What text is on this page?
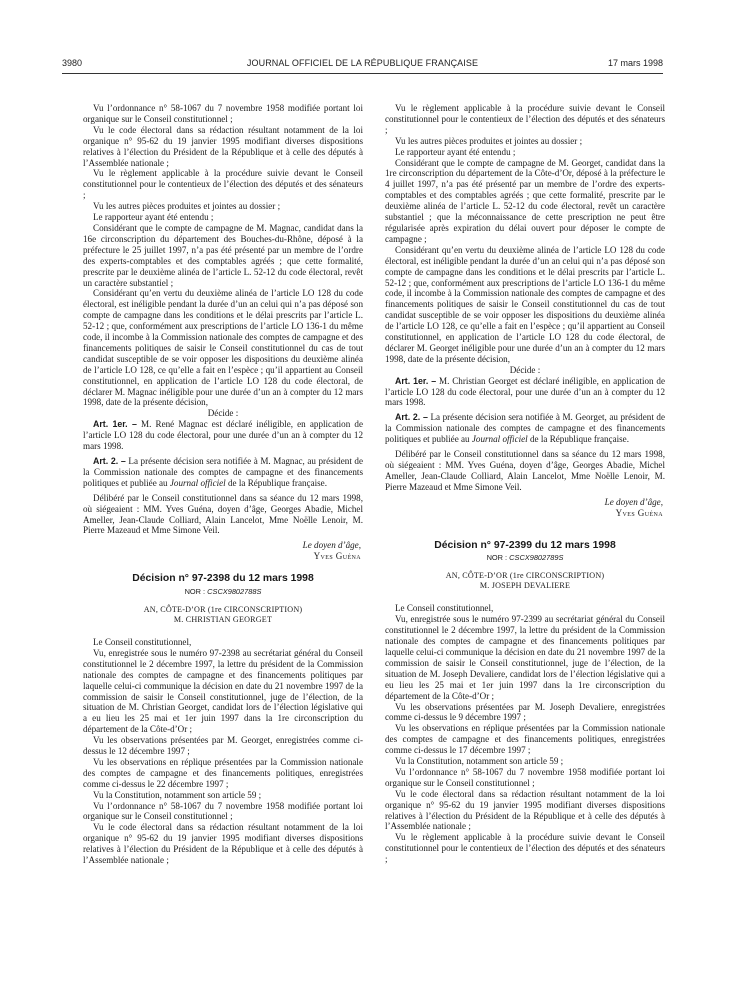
3980	JOURNAL OFFICIEL DE LA RÉPUBLIQUE FRANÇAISE	17 mars 1998

Vu l’ordonnance n° 58-1067 du 7 novembre 1958 modifiée portant loi organique sur le Conseil constitutionnel ;

Vu le code électoral dans sa rédaction résultant notamment de la loi organique n° 95-62 du 19 janvier 1995 modifiant diverses dispositions relatives à l’élection du Président de la République et à celle des députés à l’Assemblée nationale ;

Vu le règlement applicable à la procédure suivie devant le Conseil constitutionnel pour le contentieux de l’élection des députés et des sénateurs ;

Vu les autres pièces produites et jointes au dossier ;

Le rapporteur ayant été entendu ;

Considérant que le compte de campagne de M. Magnac, candidat dans la 16e circonscription du département des Bouches-du-Rhône, déposé à la préfecture le 25 juillet 1997, n’a pas été présenté par un membre de l’ordre des experts-comptables et des comptables agréés ; que cette formalité, prescrite par le deuxième alinéa de l’article L. 52-12 du code électoral, revêt un caractère substantiel ;

Considérant qu’en vertu du deuxième alinéa de l’article LO 128 du code électoral, est inéligible pendant la durée d’un an celui qui n’a pas déposé son compte de campagne dans les conditions et le délai prescrits par l’article L. 52-12 ; que, conformément aux prescriptions de l’article LO 136-1 du même code, il incombe à la Commission nationale des comptes de campagne et des financements politiques de saisir le Conseil constitutionnel du cas de tout candidat susceptible de se voir opposer les dispositions du deuxième alinéa de l’article LO 128, ce qu’elle a fait en l’espèce ; qu’il appartient au Conseil constitutionnel, en application de l’article LO 128 du code électoral, de déclarer M. Magnac inéligible pour une durée d’un an à compter du 12 mars 1998, date de la présente décision,

Décide :

Art. 1er. – M. René Magnac est déclaré inéligible, en application de l’article LO 128 du code électoral, pour une durée d’un an à compter du 12 mars 1998.

Art. 2. – La présente décision sera notifiée à M. Magnac, au président de la Commission nationale des comptes de campagne et des financements politiques et publiée au Journal officiel de la République française.

Délibéré par le Conseil constitutionnel dans sa séance du 12 mars 1998, où siégeaient : MM. Yves Guéna, doyen d’âge, Georges Abadie, Michel Ameller, Jean-Claude Colliard, Alain Lancelot, Mme Noëlle Lenoir, M. Pierre Mazeaud et Mme Simone Veil.

Le doyen d’âge,

Yves Guéna

Décision n° 97-2398 du 12 mars 1998
NOR : CSCX9802788S
AN, CÔTE-D’OR (1re CIRCONSCRIPTION)
M. CHRISTIAN GEORGET

Le Conseil constitutionnel,

Vu, enregistrée sous le numéro 97-2398 au secrétariat général du Conseil constitutionnel le 2 décembre 1997, la lettre du président de la Commission nationale des comptes de campagne et des financements politiques par laquelle celui-ci communique la décision en date du 21 novembre 1997 de la commission de saisir le Conseil constitutionnel, juge de l’élection, de la situation de M. Christian Georget, candidat lors de l’élection législative qui a eu lieu les 25 mai et 1er juin 1997 dans la 1re circonscription du département de la Côte-d’Or ;

Vu les observations présentées par M. Georget, enregistrées comme ci-dessus le 12 décembre 1997 ;

Vu les observations en réplique présentées par la Commission nationale des comptes de campagne et des financements politiques, enregistrées comme ci-dessus le 22 décembre 1997 ;

Vu la Constitution, notamment son article 59 ;

Vu l’ordonnance n° 58-1067 du 7 novembre 1958 modifiée portant loi organique sur le Conseil constitutionnel ;

Vu le code électoral dans sa rédaction résultant notamment de la loi organique n° 95-62 du 19 janvier 1995 modifiant diverses dispositions relatives à l’élection du Président de la République et à celle des députés à l’Assemblée nationale ;

Vu le règlement applicable à la procédure suivie devant le Conseil constitutionnel pour le contentieux de l’élection des députés et des sénateurs ;

Vu les autres pièces produites et jointes au dossier ;

Le rapporteur ayant été entendu ;

Considérant que le compte de campagne de M. Georget, candidat dans la 1re circonscription du département de la Côte-d’Or, déposé à la préfecture le 4 juillet 1997, n’a pas été présenté par un membre de l’ordre des experts-comptables et des comptables agréés ; que cette formalité, prescrite par le deuxième alinéa de l’article L. 52-12 du code électoral, revêt un caractère substantiel ; que la méconnaissance de cette prescription ne peut être régularisée après expiration du délai ouvert pour déposer le compte de campagne ;

Considérant qu’en vertu du deuxième alinéa de l’article LO 128 du code électoral, est inéligible pendant la durée d’un an celui qui n’a pas déposé son compte de campagne dans les conditions et le délai prescrits par l’article L. 52-12 ; que, conformément aux prescriptions de l’article LO 136-1 du même code, il incombe à la Commission nationale des comptes de campagne et des financements politiques de saisir le Conseil constitutionnel du cas de tout candidat susceptible de se voir opposer les dispositions du deuxième alinéa de l’article LO 128, ce qu’elle a fait en l’espèce ; qu’il appartient au Conseil constitutionnel, en application de l’article LO 128 du code électoral, de déclarer M. Georget inéligible pour une durée d’un an à compter du 12 mars 1998, date de la présente décision,

Décide :

Art. 1er. – M. Christian Georget est déclaré inéligible, en application de l’article LO 128 du code électoral, pour une durée d’un an à compter du 12 mars 1998.

Art. 2. – La présente décision sera notifiée à M. Georget, au président de la Commission nationale des comptes de campagne et des financements politiques et publiée au Journal officiel de la République française.

Délibéré par le Conseil constitutionnel dans sa séance du 12 mars 1998, où siégeaient : MM. Yves Guéna, doyen d’âge, Georges Abadie, Michel Ameller, Jean-Claude Colliard, Alain Lancelot, Mme Noëlle Lenoir, M. Pierre Mazeaud et Mme Simone Veil.

Le doyen d’âge,

Yves Guéna

Décision n° 97-2399 du 12 mars 1998
NOR : CSCX9802789S
AN, CÔTE-D’OR (1re CIRCONSCRIPTION)
M. JOSEPH DEVALIERE

Le Conseil constitutionnel,

Vu, enregistrée sous le numéro 97-2399 au secrétariat général du Conseil constitutionnel le 2 décembre 1997, la lettre du président de la Commission nationale des comptes de campagne et des financements politiques par laquelle celui-ci communique la décision en date du 21 novembre 1997 de la commission de saisir le Conseil constitutionnel, juge de l’élection, de la situation de M. Joseph Devaliere, candidat lors de l’élection législative qui a eu lieu les 25 mai et 1er juin 1997 dans la 1re circonscription du département de la Côte-d’Or ;

Vu les observations présentées par M. Joseph Devaliere, enregistrées comme ci-dessus le 9 décembre 1997 ;

Vu les observations en réplique présentées par la Commission nationale des comptes de campagne et des financements politiques, enregistrées comme ci-dessus le 17 décembre 1997 ;

Vu la Constitution, notamment son article 59 ;

Vu l’ordonnance n° 58-1067 du 7 novembre 1958 modifiée portant loi organique sur le Conseil constitutionnel ;

Vu le code électoral dans sa rédaction résultant notamment de la loi organique n° 95-62 du 19 janvier 1995 modifiant diverses dispositions relatives à l’élection du Président de la République et à celle des députés à l’Assemblée nationale ;

Vu le règlement applicable à la procédure suivie devant le Conseil constitutionnel pour le contentieux de l’élection des députés et des sénateurs ;
